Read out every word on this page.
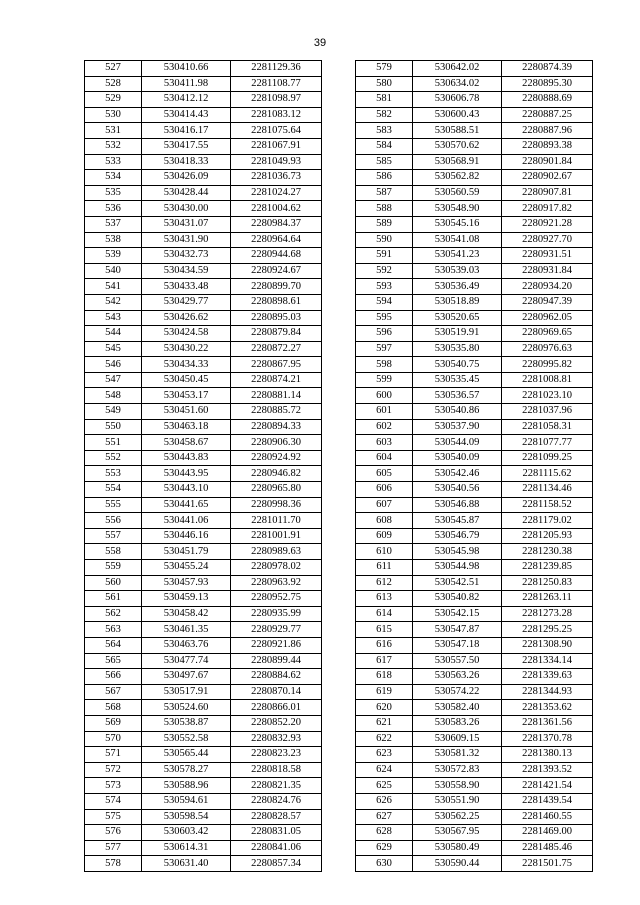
39
527	530410.66	2281129.36
528	530411.98	2281108.77
529	530412.12	2281098.97
530	530414.43	2281083.12
531	530416.17	2281075.64
532	530417.55	2281067.91
533	530418.33	2281049.93
534	530426.09	2281036.73
535	530428.44	2281024.27
536	530430.00	2281004.62
537	530431.07	2280984.37
538	530431.90	2280964.64
539	530432.73	2280944.68
540	530434.59	2280924.67
541	530433.48	2280899.70
542	530429.77	2280898.61
543	530426.62	2280895.03
544	530424.58	2280879.84
545	530430.22	2280872.27
546	530434.33	2280867.95
547	530450.45	2280874.21
548	530453.17	2280881.14
549	530451.60	2280885.72
550	530463.18	2280894.33
551	530458.67	2280906.30
552	530443.83	2280924.92
553	530443.95	2280946.82
554	530443.10	2280965.80
555	530441.65	2280998.36
556	530441.06	2281011.70
557	530446.16	2281001.91
558	530451.79	2280989.63
559	530455.24	2280978.02
560	530457.93	2280963.92
561	530459.13	2280952.75
562	530458.42	2280935.99
563	530461.35	2280929.77
564	530463.76	2280921.86
565	530477.74	2280899.44
566	530497.67	2280884.62
567	530517.91	2280870.14
568	530524.60	2280866.01
569	530538.87	2280852.20
570	530552.58	2280832.93
571	530565.44	2280823.23
572	530578.27	2280818.58
573	530588.96	2280821.35
574	530594.61	2280824.76
575	530598.54	2280828.57
576	530603.42	2280831.05
577	530614.31	2280841.06
578	530631.40	2280857.34
579	530642.02	2280874.39
580	530634.02	2280895.30
581	530606.78	2280888.69
582	530600.43	2280887.25
583	530588.51	2280887.96
584	530570.62	2280893.38
585	530568.91	2280901.84
586	530562.82	2280902.67
587	530560.59	2280907.81
588	530548.90	2280917.82
589	530545.16	2280921.28
590	530541.08	2280927.70
591	530541.23	2280931.51
592	530539.03	2280931.84
593	530536.49	2280934.20
594	530518.89	2280947.39
595	530520.65	2280962.05
596	530519.91	2280969.65
597	530535.80	2280976.63
598	530540.75	2280995.82
599	530535.45	2281008.81
600	530536.57	2281023.10
601	530540.86	2281037.96
602	530537.90	2281058.31
603	530544.09	2281077.77
604	530540.09	2281099.25
605	530542.46	2281115.62
606	530540.56	2281134.46
607	530546.88	2281158.52
608	530545.87	2281179.02
609	530546.79	2281205.93
610	530545.98	2281230.38
611	530544.98	2281239.85
612	530542.51	2281250.83
613	530540.82	2281263.11
614	530542.15	2281273.28
615	530547.87	2281295.25
616	530547.18	2281308.90
617	530557.50	2281334.14
618	530563.26	2281339.63
619	530574.22	2281344.93
620	530582.40	2281353.62
621	530583.26	2281361.56
622	530609.15	2281370.78
623	530581.32	2281380.13
624	530572.83	2281393.52
625	530558.90	2281421.54
626	530551.90	2281439.54
627	530562.25	2281460.55
628	530567.95	2281469.00
629	530580.49	2281485.46
630	530590.44	2281501.75
